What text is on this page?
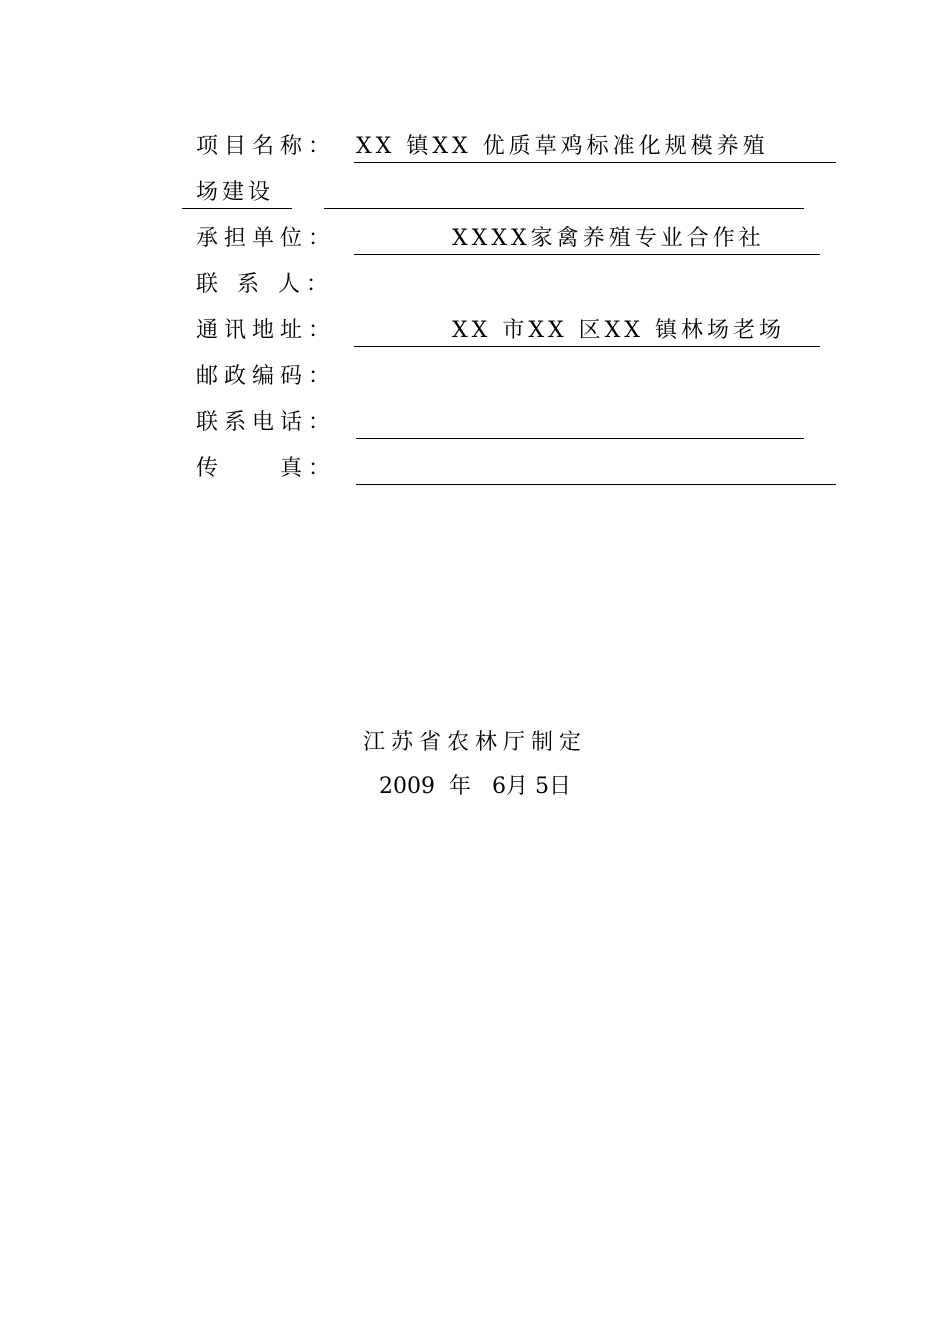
项目名称： XX 镇XX 优质草鸡标准化规模养殖
场建设
承担单位：	XXXX家禽养殖专业合作社
联 系 人：
通讯地址：	XX 市XX 区XX 镇林场老场
邮政编码：
联系电话：
传　　真：
江苏省农林厅制定
2009  年   6月 5日
